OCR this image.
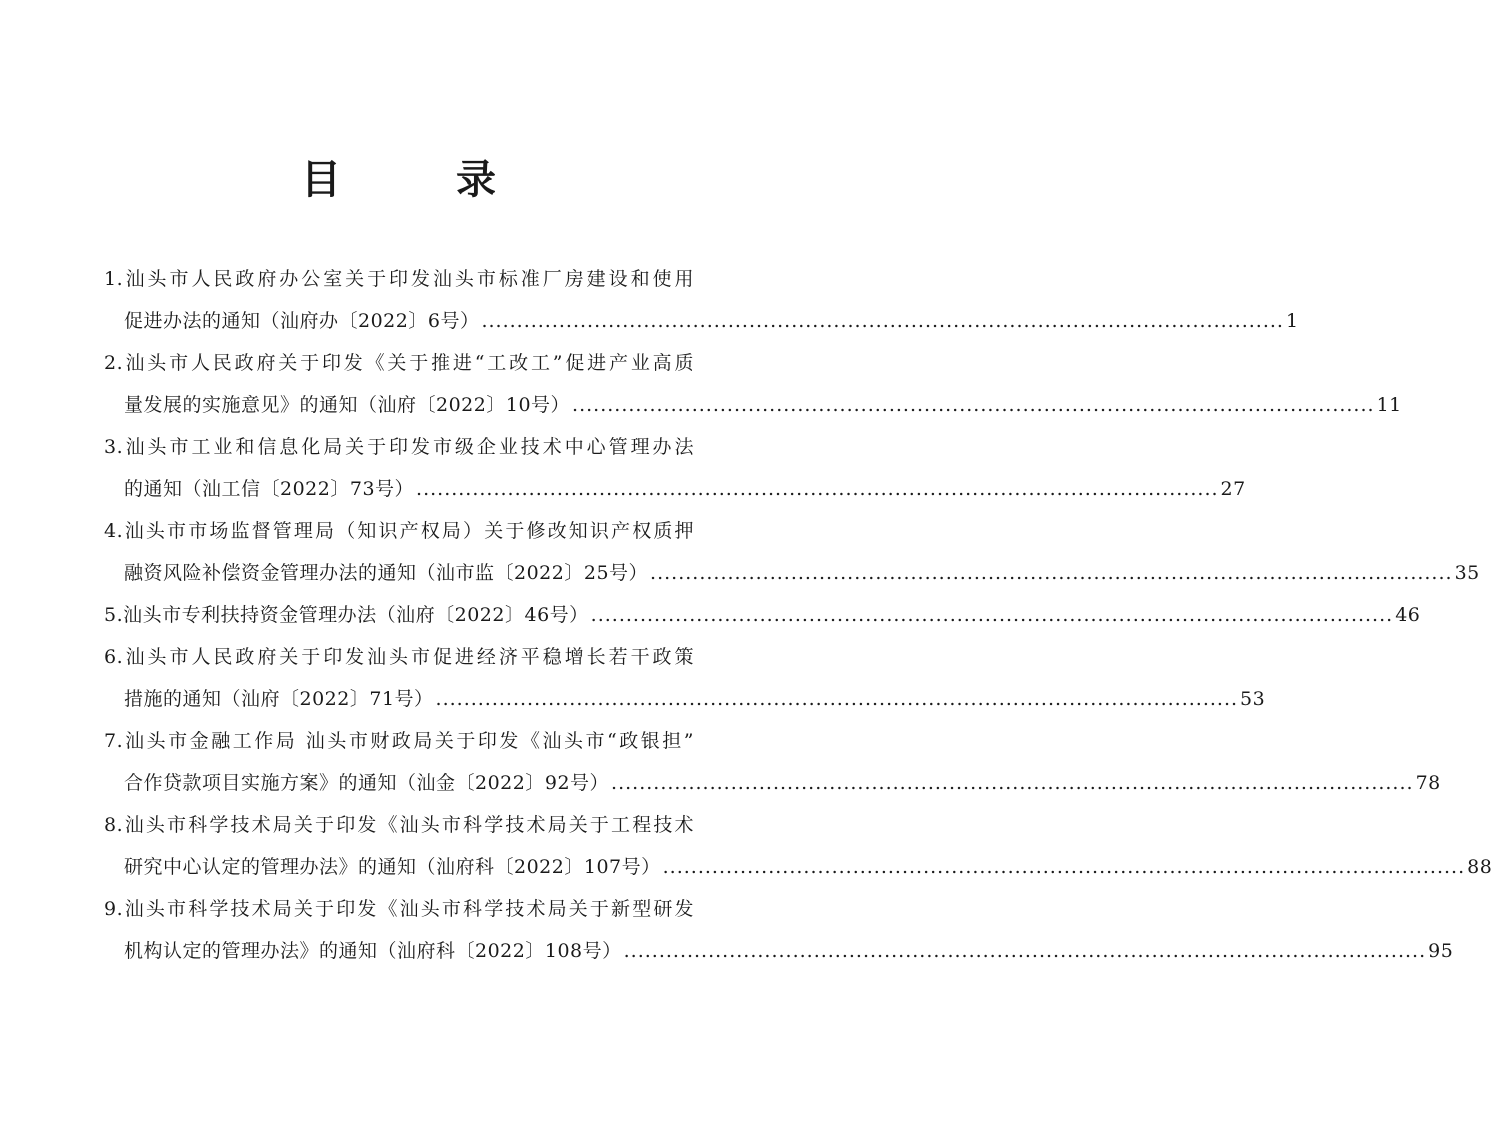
目	录
1.汕头市人民政府办公室关于印发汕头市标准厂房建设和使用
促进办法的通知（汕府办〔2022〕6号） .................................................................................................................. 1
2.汕头市人民政府关于印发《关于推进“工改工”促进产业高质
量发展的实施意见》的通知（汕府〔2022〕10号） .................................................................................................................. 11
3.汕头市工业和信息化局关于印发市级企业技术中心管理办法
的通知（汕工信〔2022〕73号） .................................................................................................................. 27
4.汕头市市场监督管理局（知识产权局）关于修改知识产权质押
融资风险补偿资金管理办法的通知（汕市监〔2022〕25号） .................................................................................................................. 35
5.汕头市专利扶持资金管理办法（汕府〔2022〕46号） .................................................................................................................. 46
6.汕头市人民政府关于印发汕头市促进经济平稳增长若干政策
措施的通知（汕府〔2022〕71号） .................................................................................................................. 53
7.汕头市金融工作局 汕头市财政局关于印发《汕头市“政银担”
合作贷款项目实施方案》的通知（汕金〔2022〕92号） .................................................................................................................. 78
8.汕头市科学技术局关于印发《汕头市科学技术局关于工程技术
研究中心认定的管理办法》的通知（汕府科〔2022〕107号） .................................................................................................................. 88
9.汕头市科学技术局关于印发《汕头市科学技术局关于新型研发
机构认定的管理办法》的通知（汕府科〔2022〕108号） .................................................................................................................. 95
